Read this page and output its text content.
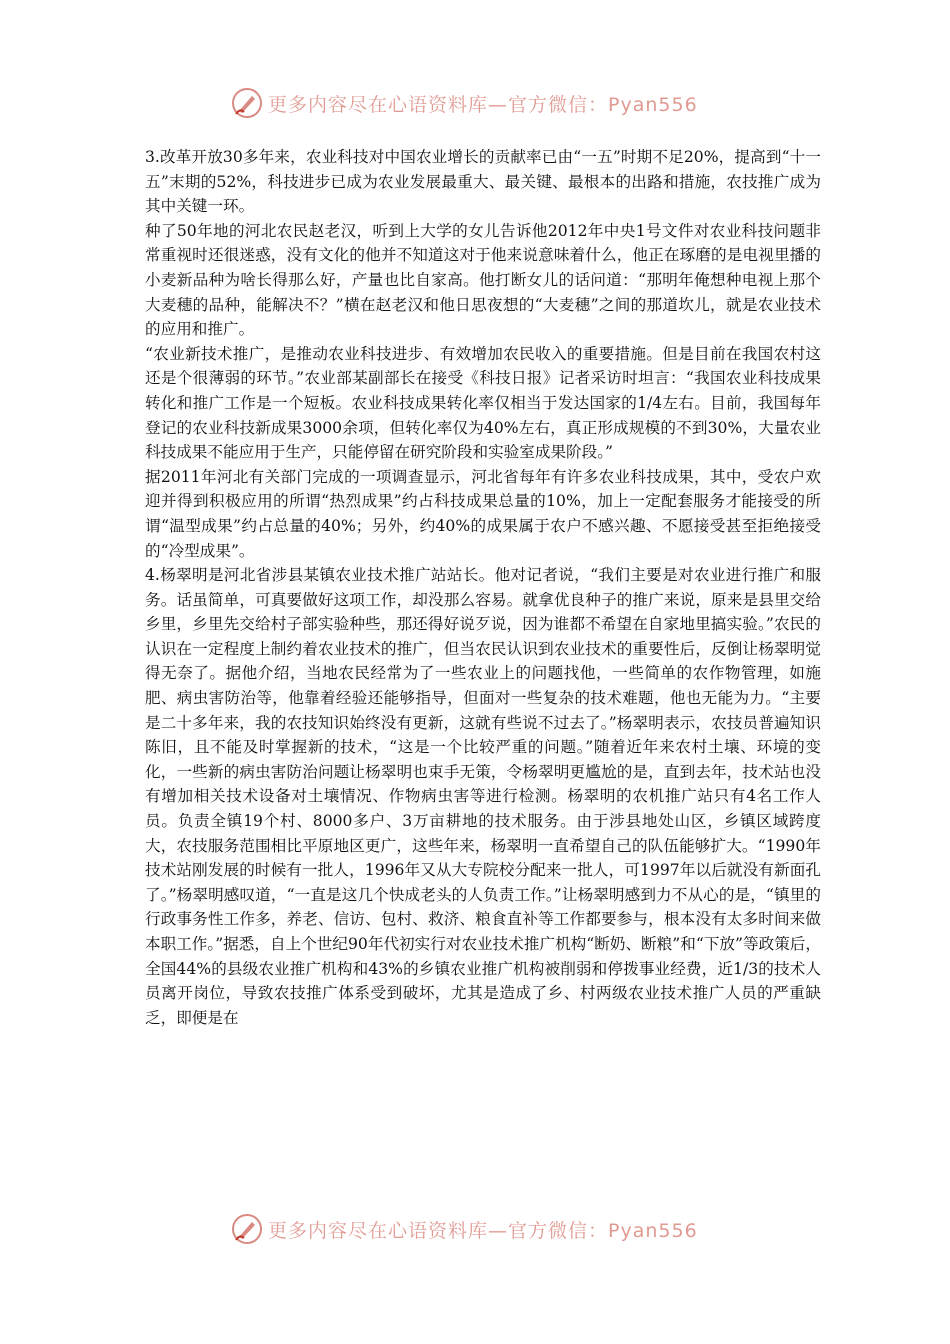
更多内容尽在心语资料库—官方微信：Pyan556

3.改革开放30多年来，农业科技对中国农业增长的贡献率已由“一五”时期不足20%，提高到“十一五”末期的52%，科技进步已成为农业发展最重大、最关键、最根本的出路和措施，农技推广成为其中关键一环。

种了50年地的河北农民赵老汉，听到上大学的女儿告诉他2012年中央1号文件对农业科技问题非常重视时还很迷惑，没有文化的他并不知道这对于他来说意味着什么，他正在琢磨的是电视里播的小麦新品种为啥长得那么好，产量也比自家高。他打断女儿的话问道：“那明年俺想种电视上那个大麦穗的品种，能解决不？”横在赵老汉和他日思夜想的“大麦穗”之间的那道坎儿，就是农业技术的应用和推广。

“农业新技术推广，是推动农业科技进步、有效增加农民收入的重要措施。但是目前在我国农村这还是个很薄弱的环节。”农业部某副部长在接受《科技日报》记者采访时坦言：“我国农业科技成果转化和推广工作是一个短板。农业科技成果转化率仅相当于发达国家的1/4左右。目前，我国每年登记的农业科技新成果3000余项，但转化率仅为40%左右，真正形成规模的不到30%，大量农业科技成果不能应用于生产，只能停留在研究阶段和实验室成果阶段。”

据2011年河北有关部门完成的一项调查显示，河北省每年有许多农业科技成果，其中，受农户欢迎并得到积极应用的所谓“热烈成果”约占科技成果总量的10%，加上一定配套服务才能接受的所谓“温型成果”约占总量的40%；另外，约40%的成果属于农户不感兴趣、不愿接受甚至拒绝接受的“冷型成果”。

4.杨翠明是河北省涉县某镇农业技术推广站站长。他对记者说，“我们主要是对农业进行推广和服务。话虽简单，可真要做好这项工作，却没那么容易。就拿优良种子的推广来说，原来是县里交给乡里，乡里先交给村子部实验种些，那还得好说歹说，因为谁都不希望在自家地里搞实验。”农民的认识在一定程度上制约着农业技术的推广，但当农民认识到农业技术的重要性后，反倒让杨翠明觉得无奈了。据他介绍，当地农民经常为了一些农业上的问题找他，一些简单的农作物管理，如施肥、病虫害防治等，他靠着经验还能够指导，但面对一些复杂的技术难题，他也无能为力。“主要是二十多年来，我的农技知识始终没有更新，这就有些说不过去了。”杨翠明表示，农技员普遍知识陈旧，且不能及时掌握新的技术，“这是一个比较严重的问题。”随着近年来农村土壤、环境的变化，一些新的病虫害防治问题让杨翠明也束手无策，令杨翠明更尴尬的是，直到去年，技术站也没有增加相关技术设备对土壤情况、作物病虫害等进行检测。杨翠明的农机推广站只有4名工作人员。负责全镇19个村、8000多户、3万亩耕地的技术服务。由于涉县地处山区，乡镇区域跨度大，农技服务范围相比平原地区更广，这些年来，杨翠明一直希望自己的队伍能够扩大。“1990年技术站刚发展的时候有一批人，1996年又从大专院校分配来一批人，可1997年以后就没有新面孔了。”杨翠明感叹道，“一直是这几个快成老头的人负责工作。”让杨翠明感到力不从心的是，“镇里的行政事务性工作多，养老、信访、包村、救济、粮食直补等工作都要参与，根本没有太多时间来做本职工作。”据悉，自上个世纪90年代初实行对农业技术推广机构“断奶、断粮”和“下放”等政策后，全国44%的县级农业推广机构和43%的乡镇农业推广机构被削弱和停拨事业经费，近1/3的技术人员离开岗位，导致农技推广体系受到破坏，尤其是造成了乡、村两级农业技术推广人员的严重缺乏，即便是在

更多内容尽在心语资料库—官方微信：Pyan556
